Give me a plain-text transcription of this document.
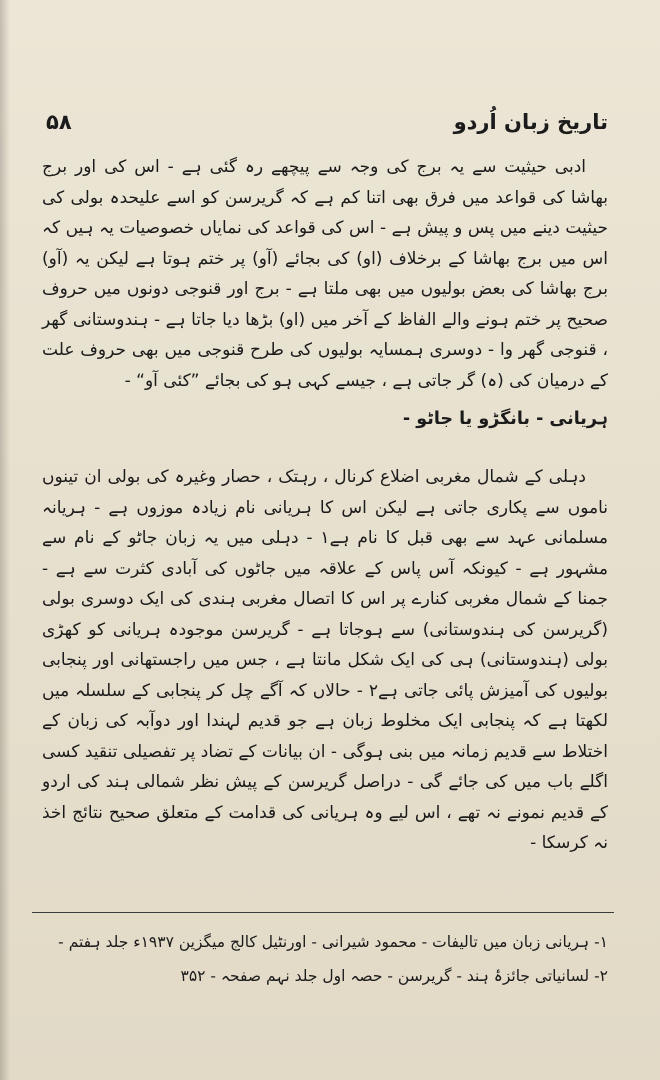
تاریخ زبان اُردو
۵۸

ادبی حیثیت سے یہ برج کی وجہ سے پیچھے رہ گئی ہے - اس کی اور برج بھاشا کی قواعد میں فرق بھی اتنا کم ہے کہ گریرسن کو اسے علیحدہ بولی کی حیثیت دینے میں پس و پیش ہے - اس کی قواعد کی نمایاں خصوصیات یہ ہیں کہ اس میں برج بھاشا کے برخلاف (او) کی بجائے (آو) پر ختم ہوتا ہے لیکن یہ (آو) برج بھاشا کی بعض بولیوں میں بھی ملتا ہے - برج اور قنوجی دونوں میں حروف صحیح پر ختم ہونے والے الفاظ کے آخر میں (او) بڑھا دیا جاتا ہے - ہندوستانی گھر ، قنوجی گھر وا - دوسری ہمسایہ بولیوں کی طرح قنوجی میں بھی حروف علت کے درمیان کی (ہ) گر جاتی ہے ، جیسے کہی ہو کی بجائے ”کئی آو“ -

ہریانی - بانگڑو یا جاٹو -

دہلی کے شمال مغربی اضلاع کرنال ، رہتک ، حصار وغیرہ کی بولی ان تینوں ناموں سے پکاری جاتی ہے لیکن اس کا ہریانی نام زیادہ موزوں ہے - ہریانہ مسلمانی عہد سے بھی قبل کا نام ہے۱ - دہلی میں یہ زبان جاٹو کے نام سے مشہور ہے - کیونکہ آس پاس کے علاقہ میں جاٹوں کی آبادی کثرت سے ہے - جمنا کے شمال مغربی کنارے پر اس کا اتصال مغربی ہندی کی ایک دوسری بولی (گریرسن کی ہندوستانی) سے ہوجاتا ہے - گریرسن موجودہ ہریانی کو کھڑی بولی (ہندوستانی) ہی کی ایک شکل مانتا ہے ، جس میں راجستھانی اور پنجابی بولیوں کی آمیزش پائی جاتی ہے۲ - حالاں کہ آگے چل کر پنجابی کے سلسلہ میں لکھتا ہے کہ پنجابی ایک مخلوط زبان ہے جو قدیم لہندا اور دوآبہ کی زبان کے اختلاط سے قدیم زمانہ میں بنی ہوگی - ان بیانات کے تضاد پر تفصیلی تنقید کسی اگلے باب میں کی جائے گی - دراصل گریرسن کے پیش نظر شمالی ہند کی اردو کے قدیم نمونے نہ تھے ، اس لیے وہ ہریانی کی قدامت کے متعلق صحیح نتائج اخذ نہ کرسکا -

۱- ہریانی زبان میں تالیفات - محمود شیرانی - اورنٹیل کالج میگزین ۱۹۳۷ء جلد ہفتم -
۲- لسانیاتی جائزۂ ہند - گریرسن - حصہ اول جلد نہم صفحہ - ۳۵۲
